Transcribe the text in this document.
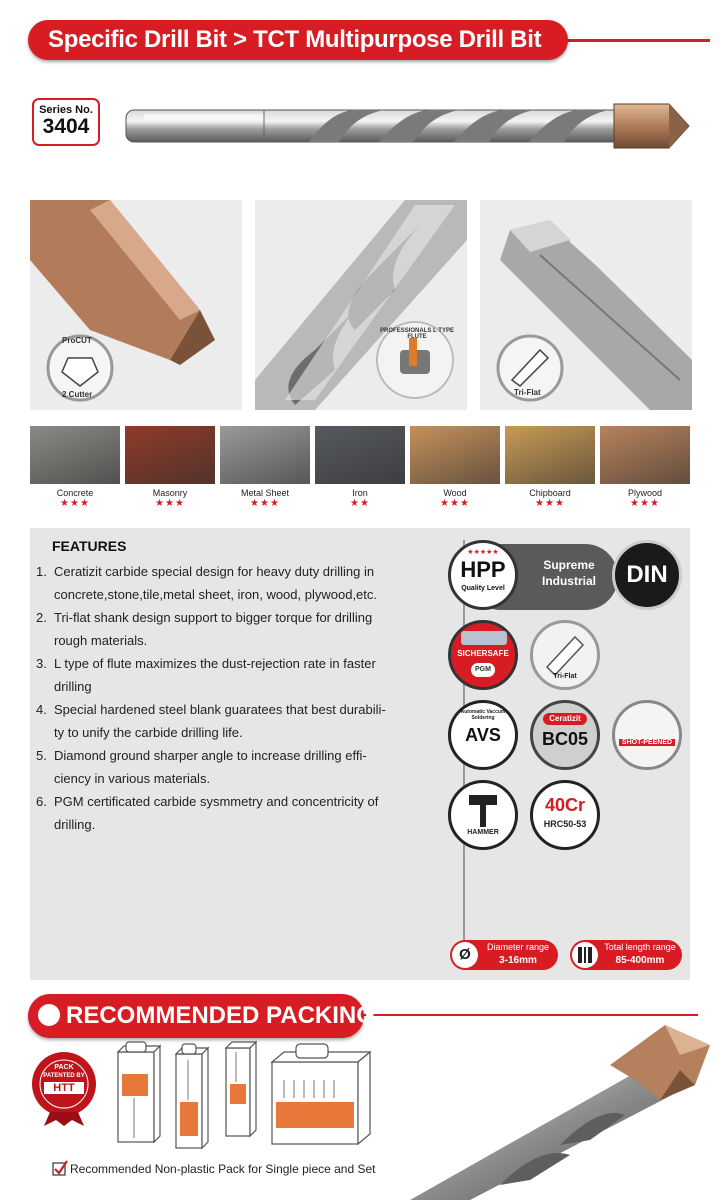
Specific Drill Bit > TCT Multipurpose Drill Bit
Series No.
3404
ProCUT
2 Cutter
PROFESSIONALS L TYPE FLUTE
L
Tri-Flat
Concrete
★★★
Masonry
★★★
Metal Sheet
★★★
Iron
★★
Wood
★★★
Chipboard
★★★
Plywood
★★★
FEATURES
1. Ceratizit carbide special design for heavy duty drilling in
concrete,stone,tile,metal sheet, iron, wood, plywood,etc.
2. Tri-flat shank design support to bigger torque for drilling
rough materials.
3. L type of flute maximizes the dust-rejection rate in faster
drilling
4. Special hardened steel blank guaratees that best durabili-
ty to unify the carbide drilling life.
5. Diamond ground sharper angle to increase drilling effi-
ciency in various materials.
6. PGM certificated carbide sysmmetry and concentricity of
drilling.
★★★★★
HPP
Quality Level
Supreme
Industrial	DIN
SICHERSAFE
PGM
Tri-Flat
Automatic Vaccum Soldering
AVS
Ceratizit
BC05	SHOT-PEENED
HAMMER
40Cr
HRC50-53
Ø	Diameter range
3-16mm
Total length range
85-400mm
RECOMMENDED PACKING
PACK
PATENTED BY
HTT
Recommended Non-plastic Pack for Single piece and Set
